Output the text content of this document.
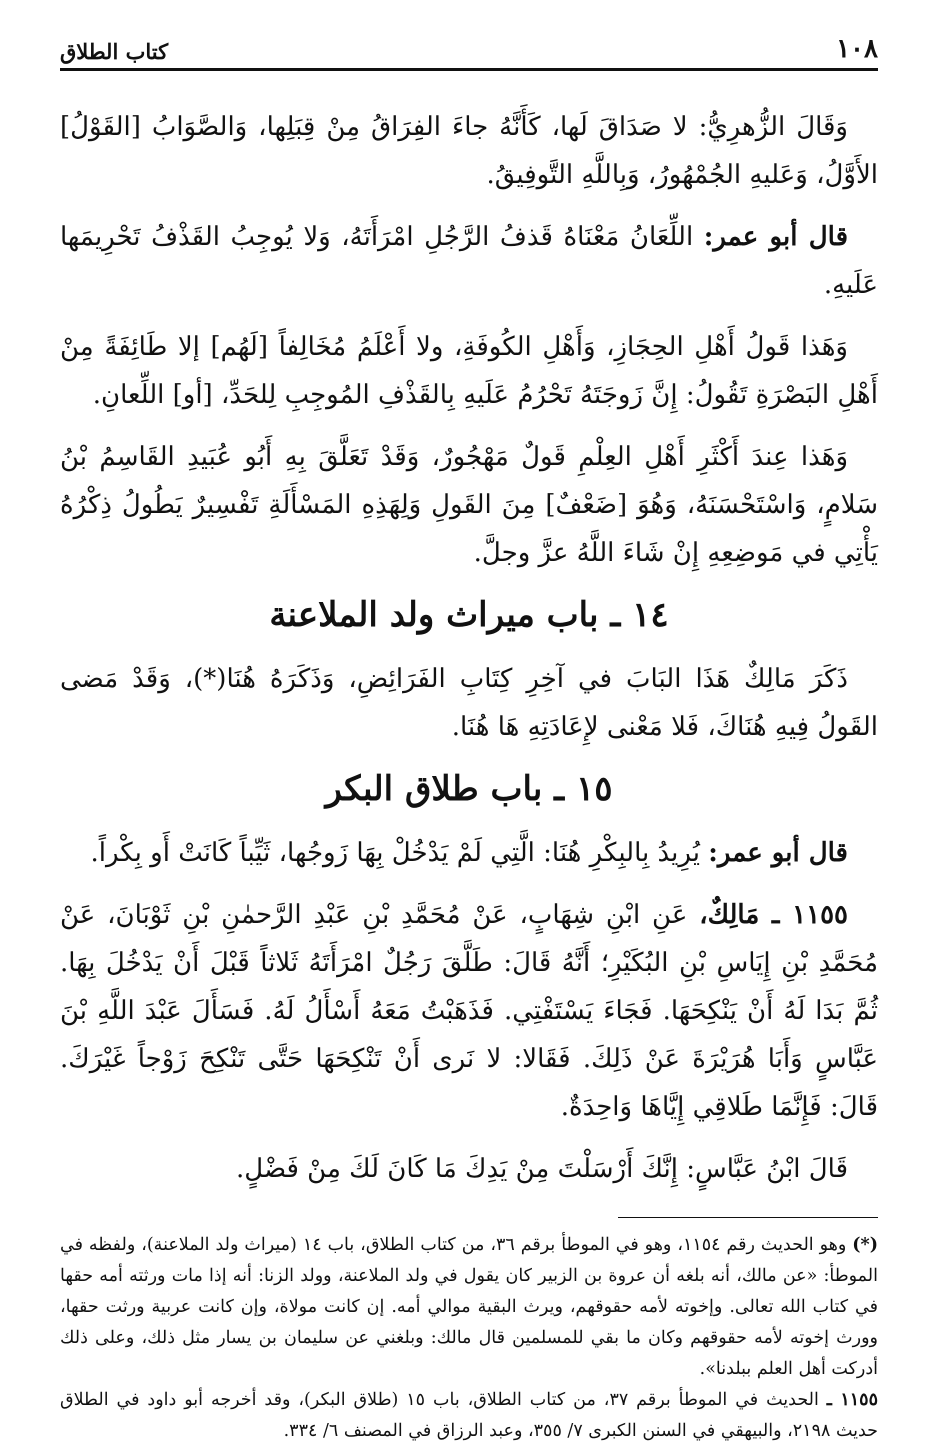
١٠٨
كتاب الطلاق

وَقَالَ الزُّهرِيُّ: لا صَدَاقَ لَها، كَأَنَّهُ جاءَ الفِرَاقُ مِنْ قِبَلِها، وَالصَّوَابُ [القَوْلُ] الأَوَّلُ، وَعَليهِ الجُمْهُورُ، وَبِاللَّهِ التَّوفِيقُ.

قال أبو عمر: اللِّعَانُ مَعْنَاهُ قَذفُ الرَّجُلِ امْرَأَتَهُ، وَلا يُوجِبُ القَذْفُ تَحْرِيمَها عَلَيهِ.

وَهَذا قَولُ أَهْلِ الحِجَازِ، وَأَهْلِ الكُوفَةِ، ولا أَعْلَمُ مُخَالِفاً [لَهُم] إلا طَائِفَةً مِنْ أَهْلِ البَصْرَةِ تَقُولُ: إِنَّ زَوجَتَهُ تَحْرُمُ عَلَيهِ بِالقَذْفِ المُوجِبِ لِلحَدِّ، [أو] اللِّعانِ.

وَهَذا عِندَ أَكْثَرِ أَهْلِ العِلْمِ قَولٌ مَهْجُورٌ، وَقَدْ تَعَلَّقَ بِهِ أَبُو عُبَيدِ القَاسِمُ بْنُ سَلامٍ، وَاسْتَحْسَنَهُ، وَهُوَ [ضَعْفٌ] مِنَ القَولِ وَلِهَذِهِ المَسْأَلَةِ تَفْسِيرٌ يَطُولُ ذِكْرُهُ يَأْتِي في مَوضِعِهِ إِنْ شَاءَ اللَّهُ عزَّ وجلَّ.

١٤ ـ باب ميراث ولد الملاعنة

ذَكَرَ مَالِكٌ هَذَا البَابَ في آخِرِ كِتَابِ الفَرَائِضِ، وَذَكَرَهُ هُنَا(*)، وَقَدْ مَضى القَولُ فِيهِ هُنَاكَ، فَلا مَعْنى لإِعَادَتِهِ هَا هُنَا.

١٥ ـ باب طلاق البكر

قال أبو عمر: يُرِيدُ بِالبِكْرِ هُنَا: الَّتِي لَمْ يَدْخُلْ بِهَا زَوجُها، ثَيِّباً كَانَتْ أَو بِكْراً.

١١٥٥ ـ مَالِكٌ، عَنِ ابْنِ شِهَابٍ، عَنْ مُحَمَّدِ بْنِ عَبْدِ الرَّحمٰنِ بْنِ ثَوْبَانَ، عَنْ مُحَمَّدِ بْنِ إِيَاسِ بْنِ البُكَيْرِ؛ أَنَّهُ قَالَ: طَلَّقَ رَجُلٌ امْرَأَتَهُ ثَلاثاً قَبْلَ أَنْ يَدْخُلَ بِهَا. ثُمَّ بَدَا لَهُ أَنْ يَنْكِحَهَا. فَجَاءَ يَسْتَفْتِي. فَذَهَبْتُ مَعَهُ أَسْأَلُ لَهُ. فَسَأَلَ عَبْدَ اللَّهِ بْنَ عَبَّاسٍ وَأَبَا هُرَيْرَةَ عَنْ ذَلِكَ. فَقَالا: لا نَرى أَنْ تَنْكِحَهَا حَتَّى تَنْكِحَ زَوْجاً غَيْرَكَ. قَالَ: فَإِنَّمَا طَلاقِي إِيَّاهَا وَاحِدَةٌ.

قَالَ ابْنُ عَبَّاسٍ: إِنَّكَ أَرْسَلْتَ مِنْ يَدِكَ مَا كَانَ لَكَ مِنْ فَضْلٍ.

(*) وهو الحديث رقم ١١٥٤، وهو في الموطأ برقم ٣٦، من كتاب الطلاق، باب ١٤ (ميراث ولد الملاعنة)، ولفظه في الموطأ: «عن مالك، أنه بلغه أن عروة بن الزبير كان يقول في ولد الملاعنة، وولد الزنا: أنه إذا مات ورثته أمه حقها في كتاب الله تعالى. وإخوته لأمه حقوقهم، ويرث البقية موالي أمه. إن كانت مولاة، وإن كانت عربية ورثت حقها، وورث إخوته لأمه حقوقهم وكان ما بقي للمسلمين قال مالك: وبلغني عن سليمان بن يسار مثل ذلك، وعلى ذلك أدركت أهل العلم ببلدنا».

١١٥٥ ـ الحديث في الموطأ برقم ٣٧، من كتاب الطلاق، باب ١٥ (طلاق البكر)، وقد أخرجه أبو داود في الطلاق حديث ٢١٩٨، والبيهقي في السنن الكبرى ٧/ ٣٥٥، وعبد الرزاق في المصنف ٦/ ٣٣٤.
